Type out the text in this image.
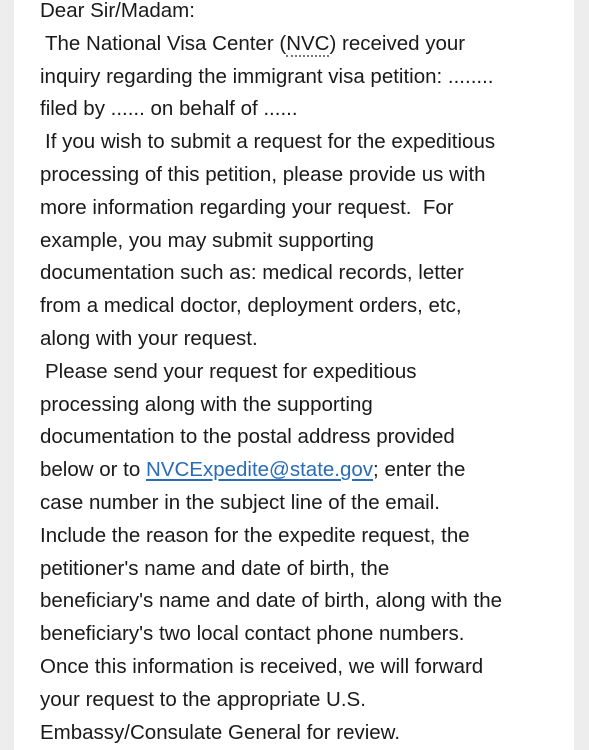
Dear Sir/Madam:
The National Visa Center (NVC) received your
inquiry regarding the immigrant visa petition: ........
filed by ...... on behalf of ......
If you wish to submit a request for the expeditious
processing of this petition, please provide us with
more information regarding your request.  For
example, you may submit supporting
documentation such as: medical records, letter
from a medical doctor, deployment orders, etc,
along with your request.
Please send your request for expeditious
processing along with the supporting
documentation to the postal address provided
below or to NVCExpedite@state.gov; enter the
case number in the subject line of the email.
Include the reason for the expedite request, the
petitioner's name and date of birth, the
beneficiary's name and date of birth, along with the
beneficiary's two local contact phone numbers.
Once this information is received, we will forward
your request to the appropriate U.S.
Embassy/Consulate General for review.
